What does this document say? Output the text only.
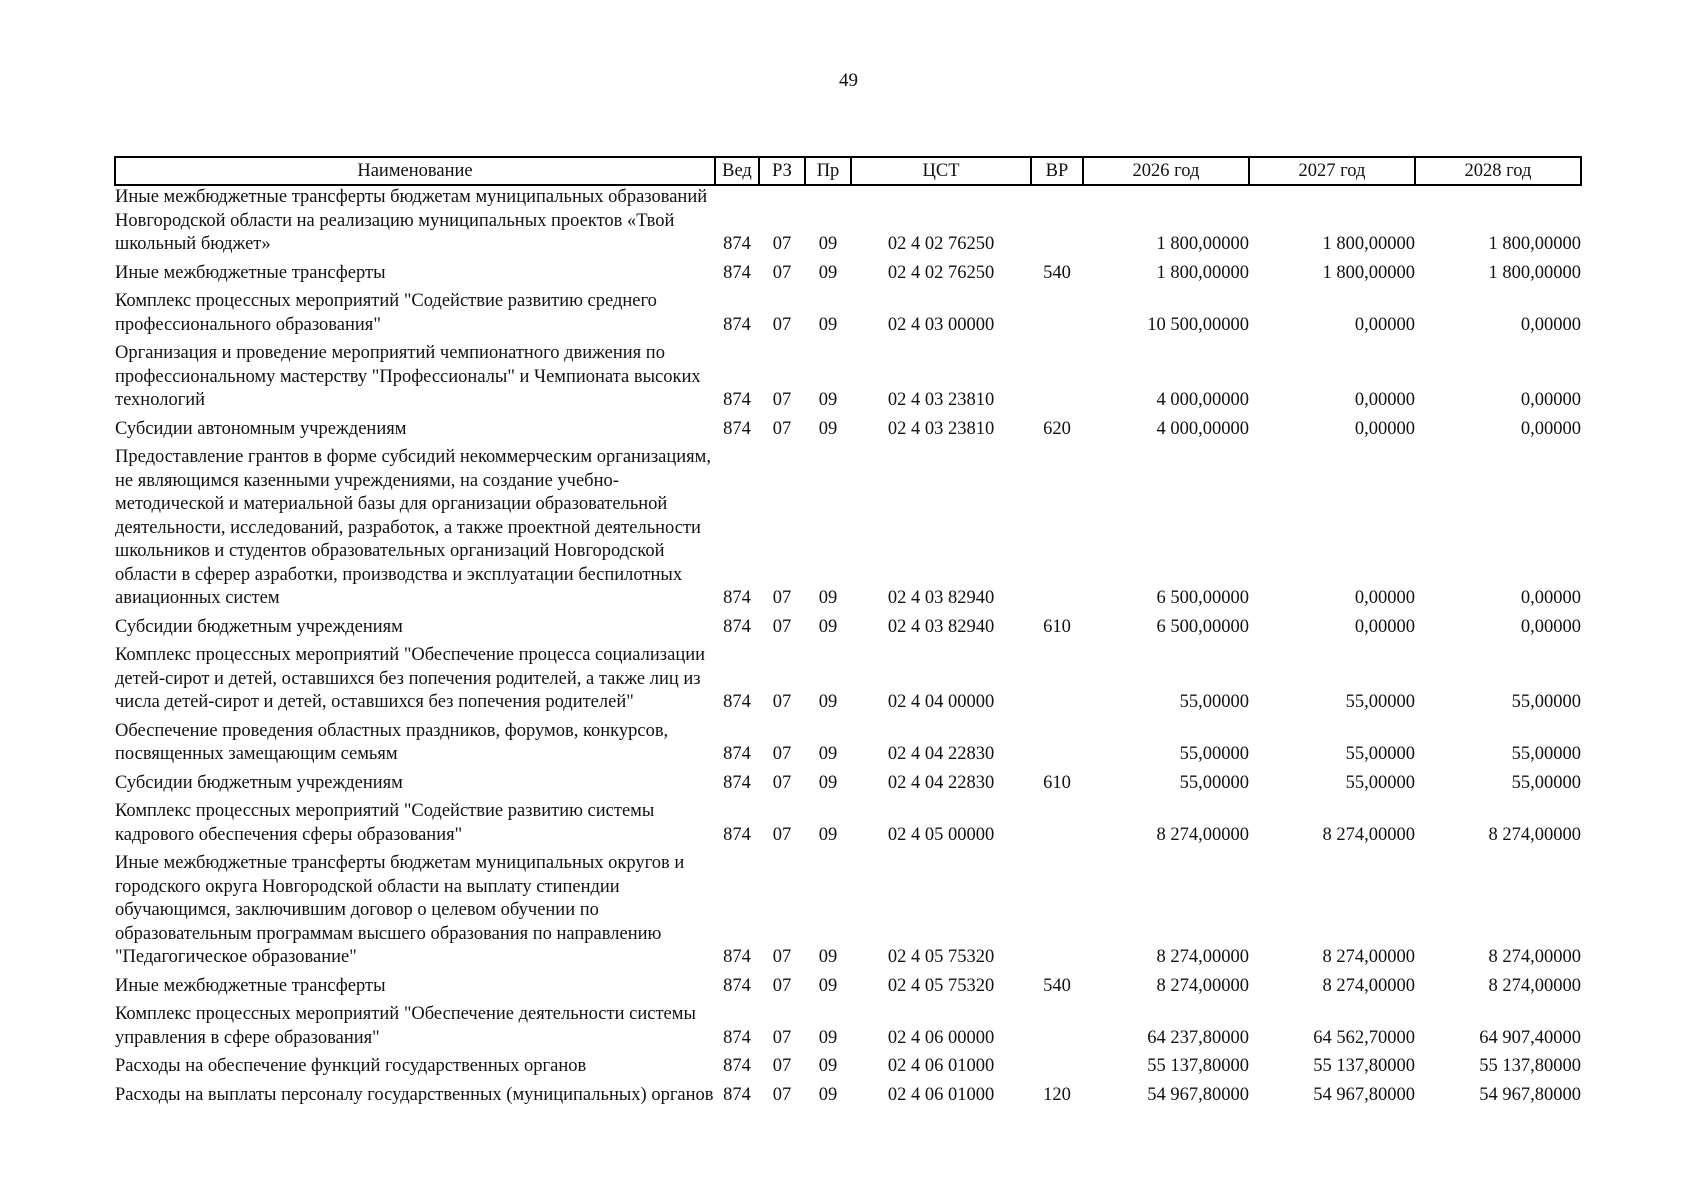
49
Наименование	Вед	РЗ	Пр	ЦСТ	ВР	2026 год	2027 год	2028 год
Иные межбюджетные трансферты бюджетам муниципальных образований Новгородской области на реализацию муниципальных проектов «Твой школьный бюджет»	874	07	09	02 4 02 76250		1 800,00000	1 800,00000	1 800,00000
Иные межбюджетные трансферты	874	07	09	02 4 02 76250	540	1 800,00000	1 800,00000	1 800,00000
Комплекс процессных мероприятий "Содействие развитию среднего профессионального образования"	874	07	09	02 4 03 00000		10 500,00000	0,00000	0,00000
Организация и проведение мероприятий чемпионатного движения по профессиональному мастерству "Профессионалы" и Чемпионата высоких технологий	874	07	09	02 4 03 23810		4 000,00000	0,00000	0,00000
Субсидии автономным учреждениям	874	07	09	02 4 03 23810	620	4 000,00000	0,00000	0,00000
Предоставление грантов в форме субсидий некоммерческим организациям, не являющимся казенными учреждениями, на создание учебно-методической и материальной базы для организации образовательной деятельности, исследований, разработок, а также проектной деятельности школьников и студентов образовательных организаций Новгородской области в сферер азработки, производства и эксплуатации беспилотных авиационных систем	874	07	09	02 4 03 82940		6 500,00000	0,00000	0,00000
Субсидии бюджетным учреждениям	874	07	09	02 4 03 82940	610	6 500,00000	0,00000	0,00000
Комплекс процессных мероприятий "Обеспечение процесса социализации детей-сирот и детей, оставшихся без попечения родителей, а также лиц из числа детей-сирот и детей, оставшихся без попечения родителей"	874	07	09	02 4 04 00000		55,00000	55,00000	55,00000
Обеспечение проведения областных праздников, форумов, конкурсов, посвященных замещающим семьям	874	07	09	02 4 04 22830		55,00000	55,00000	55,00000
Субсидии бюджетным учреждениям	874	07	09	02 4 04 22830	610	55,00000	55,00000	55,00000
Комплекс процессных мероприятий "Содействие развитию системы кадрового обеспечения сферы образования"	874	07	09	02 4 05 00000		8 274,00000	8 274,00000	8 274,00000
Иные межбюджетные трансферты бюджетам муниципальных округов и городского округа Новгородской области на выплату стипендии обучающимся, заключившим договор о целевом обучении по образовательным программам высшего образования по направлению "Педагогическое образование"	874	07	09	02 4 05 75320		8 274,00000	8 274,00000	8 274,00000
Иные межбюджетные трансферты	874	07	09	02 4 05 75320	540	8 274,00000	8 274,00000	8 274,00000
Комплекс процессных мероприятий "Обеспечение деятельности системы управления в сфере образования"	874	07	09	02 4 06 00000		64 237,80000	64 562,70000	64 907,40000
Расходы на обеспечение функций государственных органов	874	07	09	02 4 06 01000		55 137,80000	55 137,80000	55 137,80000
Расходы на выплаты персоналу государственных (муниципальных) органов	874	07	09	02 4 06 01000	120	54 967,80000	54 967,80000	54 967,80000
